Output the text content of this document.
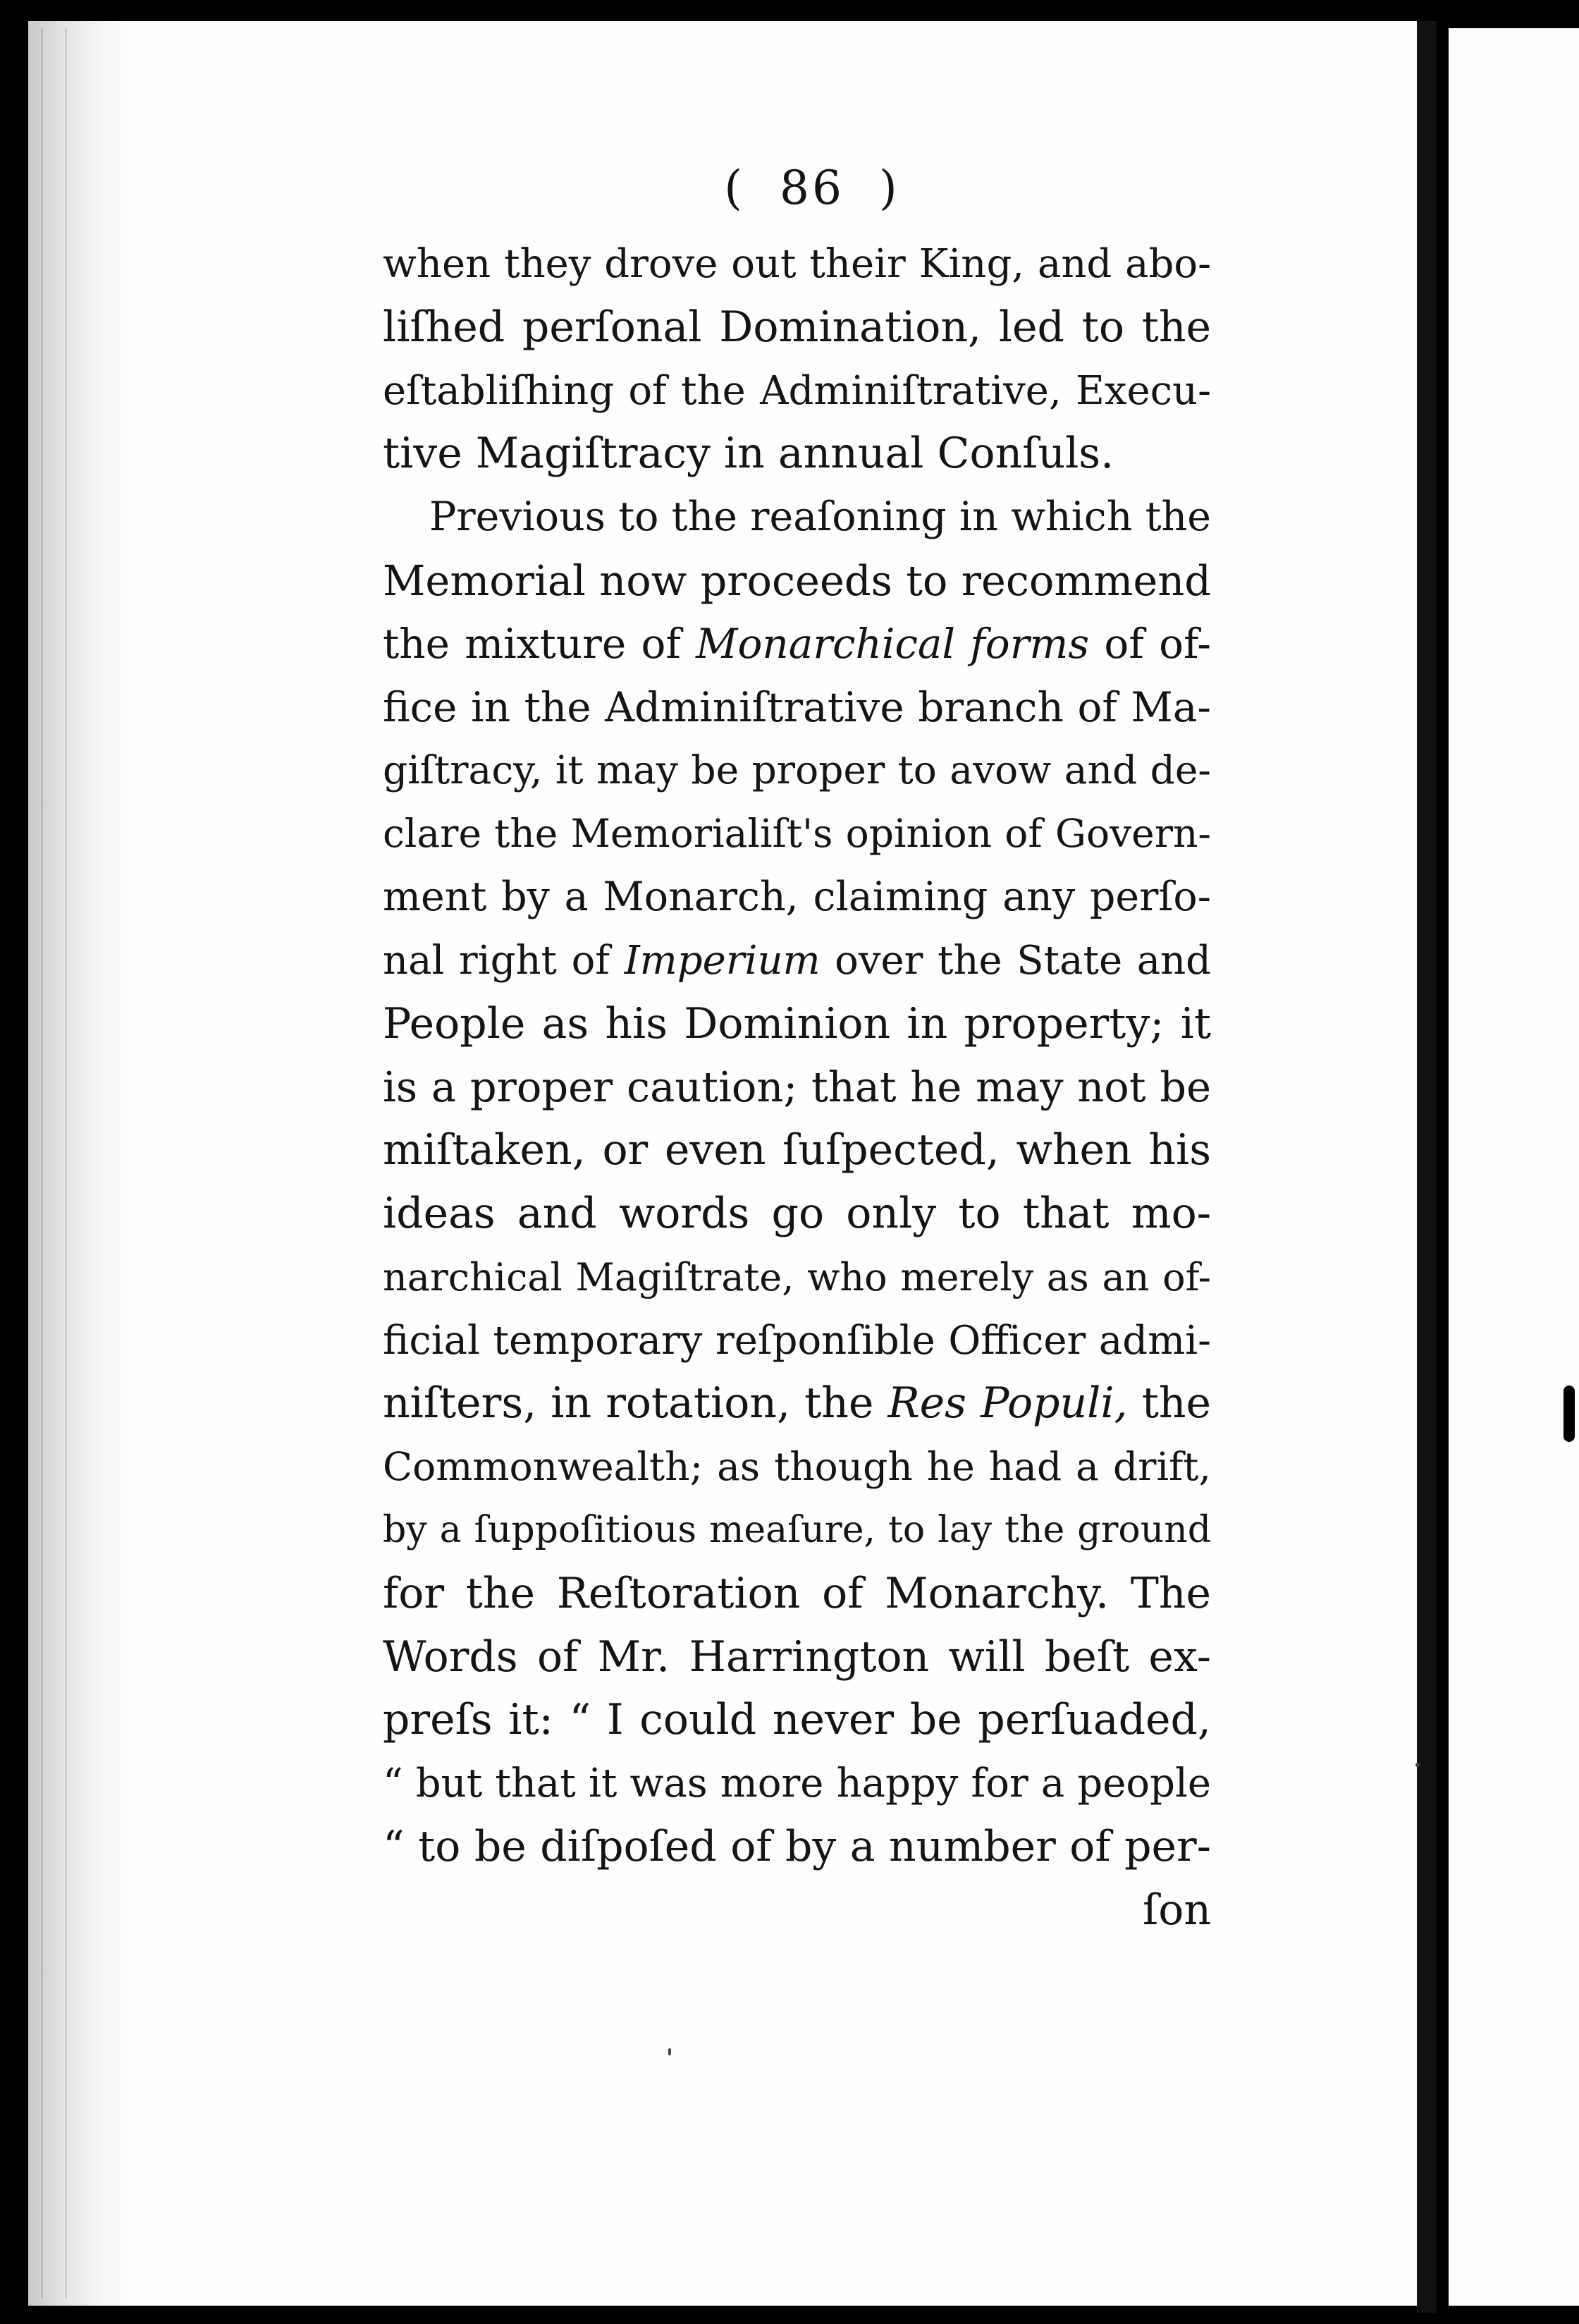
( 86 )
when they drove out their King, and abo-
liſhed perſonal Domination, led to the
eſtabliſhing of the Adminiſtrative, Execu-
tive Magiſtracy in annual Conſuls.
Previous to the reaſoning in which the
Memorial now proceeds to recommend
the mixture of Monarchical forms of of-
fice in the Adminiſtrative branch of Ma-
giſtracy, it may be proper to avow and de-
clare the Memorialiſt's opinion of Govern-
ment by a Monarch, claiming any perſo-
nal right of Imperium over the State and
People as his Dominion in property; it
is a proper caution; that he may not be
miſtaken, or even ſuſpected, when his
ideas and words go only to that mo-
narchical Magiſtrate, who merely as an of-
ficial temporary reſponſible Officer admi-
niſters, in rotation, the Res Populi, the
Commonwealth; as though he had a drift,
by a ſuppoſitious meaſure, to lay the ground
for the Reſtoration of Monarchy. The
Words of Mr. Harrington will beſt ex-
preſs it: “ I could never be perſuaded,
“ but that it was more happy for a people
“ to be diſpoſed of by a number of per-
ſon
